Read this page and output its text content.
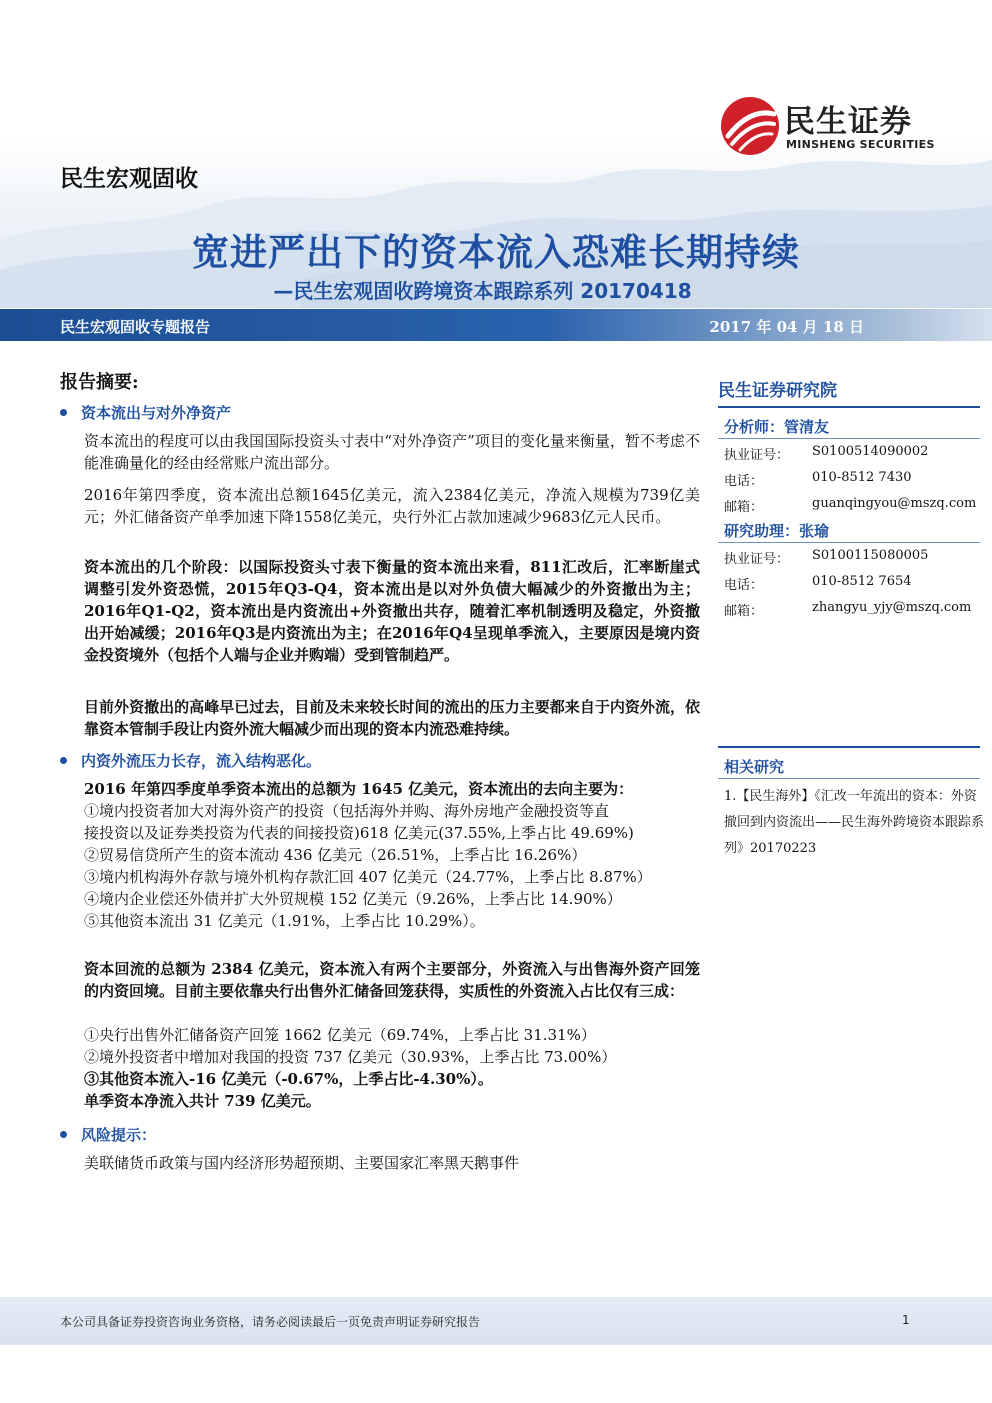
民生证券
MINSHENG SECURITIES
民生宏观固收
宽进严出下的资本流入恐难长期持续
—民生宏观固收跨境资本跟踪系列 20170418
民生宏观固收专题报告	2017 年 04 月 18 日
报告摘要:
资本流出与对外净资产
资本流出的程度可以由我国国际投资头寸表中“对外净资产”项目的变化量来衡量，暂不考虑不能准确量化的经由经常账户流出部分。
2016年第四季度，资本流出总额1645亿美元，流入2384亿美元，净流入规模为739亿美元；外汇储备资产单季加速下降1558亿美元，央行外汇占款加速减少9683亿元人民币。
资本流出的几个阶段：以国际投资头寸表下衡量的资本流出来看，811汇改后，汇率断崖式调整引发外资恐慌，2015年Q3-Q4，资本流出是以对外负债大幅减少的外资撤出为主；2016年Q1-Q2，资本流出是内资流出+外资撤出共存，随着汇率机制透明及稳定，外资撤出开始减缓；2016年Q3是内资流出为主；在2016年Q4呈现单季流入，主要原因是境内资金投资境外（包括个人端与企业并购端）受到管制趋严。
目前外资撤出的高峰早已过去，目前及未来较长时间的流出的压力主要都来自于内资外流，依靠资本管制手段让内资外流大幅减少而出现的资本内流恐难持续。
内资外流压力长存，流入结构恶化。
2016 年第四季度单季资本流出的总额为 1645 亿美元，资本流出的去向主要为：
①境内投资者加大对海外资产的投资（包括海外并购、海外房地产金融投资等直
接投资以及证券类投资为代表的间接投资)618 亿美元(37.55%,上季占比 49.69%)
②贸易信贷所产生的资本流动 436 亿美元（26.51%，上季占比 16.26%）
③境内机构海外存款与境外机构存款汇回 407 亿美元（24.77%，上季占比 8.87%）
④境内企业偿还外债并扩大外贸规模 152 亿美元（9.26%，上季占比 14.90%）
⑤其他资本流出 31 亿美元（1.91%，上季占比 10.29%）。
资本回流的总额为 2384 亿美元，资本流入有两个主要部分，外资流入与出售海外资产回笼的内资回境。目前主要依靠央行出售外汇储备回笼获得，实质性的外资流入占比仅有三成：
①央行出售外汇储备资产回笼 1662 亿美元（69.74%，上季占比 31.31%）
②境外投资者中增加对我国的投资 737 亿美元（30.93%，上季占比 73.00%）
③其他资本流入-16 亿美元（-0.67%，上季占比-4.30%）。
单季资本净流入共计 739 亿美元。
风险提示：
美联储货币政策与国内经济形势超预期、主要国家汇率黑天鹅事件
民生证券研究院
分析师：管清友
执业证号： S0100514090002
电话：	010-8512 7430
邮箱：	guanqingyou@mszq.com
研究助理：张瑜
执业证号： S0100115080005
电话：	010-8512 7654
邮箱：	zhangyu_yjy@mszq.com
相关研究
1.【民生海外】《汇改一年流出的资本：外资撤回到内资流出——民生海外跨境资本跟踪系列》20170223
本公司具备证券投资咨询业务资格，请务必阅读最后一页免责声明证券研究报告	1
